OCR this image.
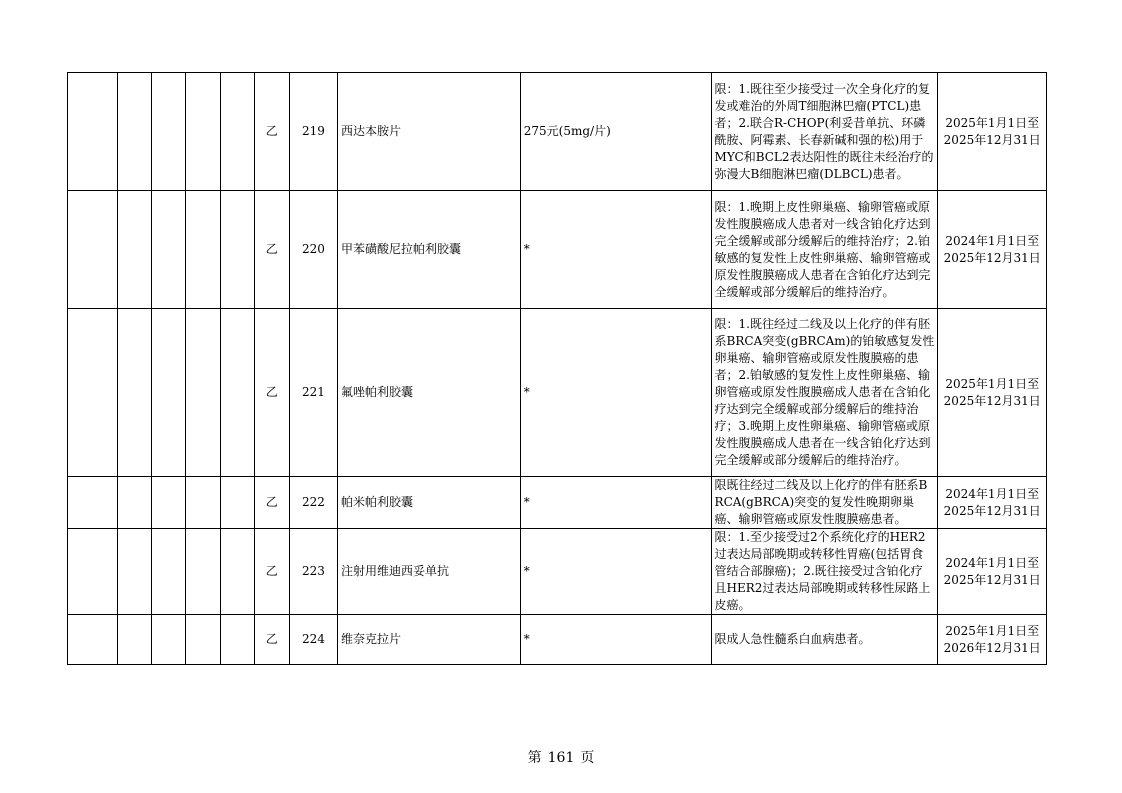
					乙	219	西达本胺片	275元(5mg/片)	限：1.既往至少接受过一次全身化疗的复发或难治的外周T细胞淋巴瘤(PTCL)患者；2.联合R-CHOP(利妥昔单抗、环磷酰胺、阿霉素、长春新碱和强的松)用于MYC和BCL2表达阳性的既往未经治疗的弥漫大B细胞淋巴瘤(DLBCL)患者。	2025年1月1日至
2025年12月31日

					乙	220	甲苯磺酸尼拉帕利胶囊	*	限：1.晚期上皮性卵巢癌、输卵管癌或原发性腹膜癌成人患者对一线含铂化疗达到完全缓解或部分缓解后的维持治疗；2.铂敏感的复发性上皮性卵巢癌、输卵管癌或原发性腹膜癌成人患者在含铂化疗达到完全缓解或部分缓解后的维持治疗。	2024年1月1日至
2025年12月31日

					乙	221	氟唑帕利胶囊	*	限：1.既往经过二线及以上化疗的伴有胚系BRCA突变(gBRCAm)的铂敏感复发性卵巢癌、输卵管癌或原发性腹膜癌的患者；2.铂敏感的复发性上皮性卵巢癌、输卵管癌或原发性腹膜癌成人患者在含铂化疗达到完全缓解或部分缓解后的维持治疗；3.晚期上皮性卵巢癌、输卵管癌或原发性腹膜癌成人患者在一线含铂化疗达到完全缓解或部分缓解后的维持治疗。	2025年1月1日至
2025年12月31日

					乙	222	帕米帕利胶囊	*	限既往经过二线及以上化疗的伴有胚系BRCA(gBRCA)突变的复发性晚期卵巢癌、输卵管癌或原发性腹膜癌患者。	2024年1月1日至
2025年12月31日

					乙	223	注射用维迪西妥单抗	*	限：1.至少接受过2个系统化疗的HER2过表达局部晚期或转移性胃癌(包括胃食管结合部腺癌)；2.既往接受过含铂化疗且HER2过表达局部晚期或转移性尿路上皮癌。	2024年1月1日至
2025年12月31日

					乙	224	维奈克拉片	*	限成人急性髓系白血病患者。	2025年1月1日至
2026年12月31日
第 161 页
